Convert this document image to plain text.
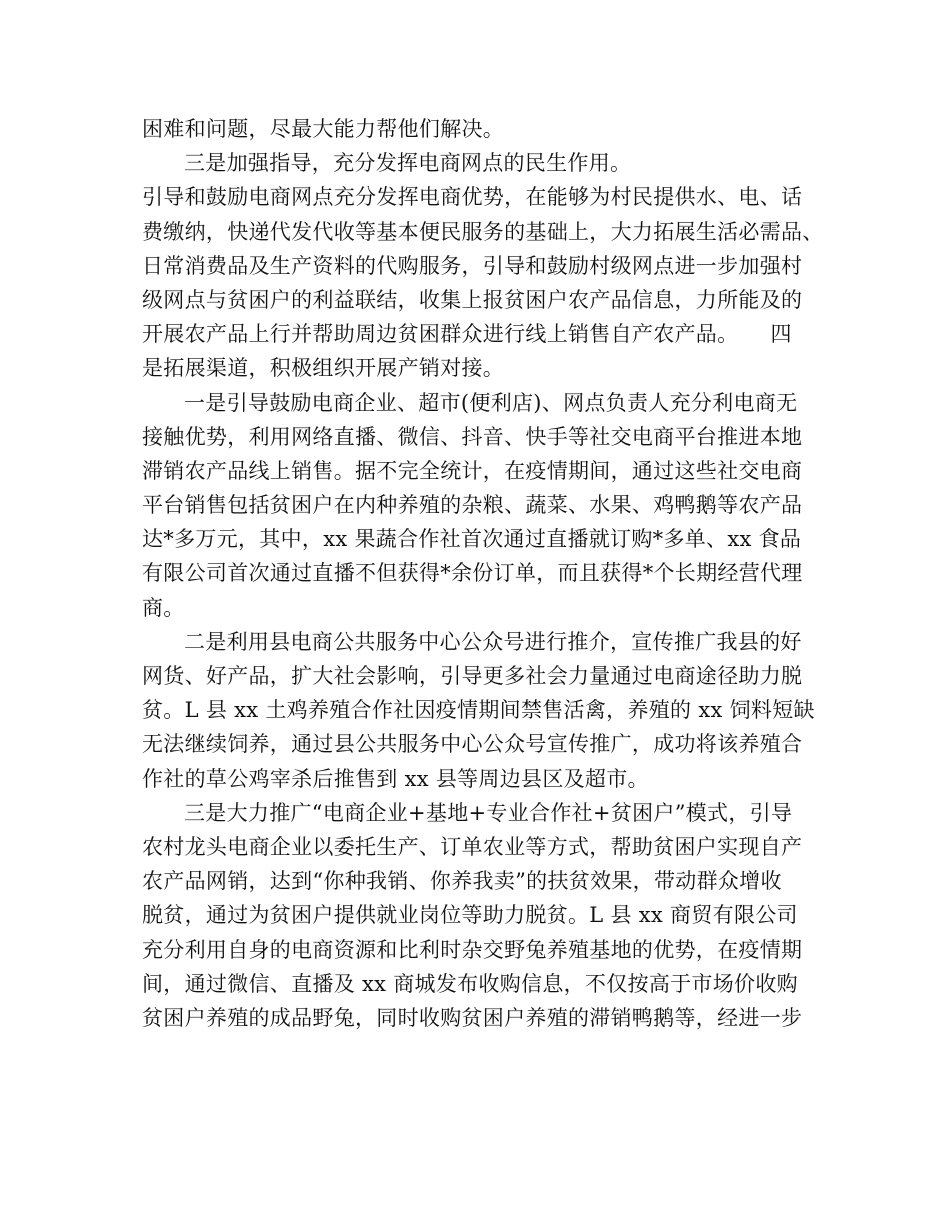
困难和问题，尽最大能力帮他们解决。
三是加强指导，充分发挥电商网点的民生作用。
引导和鼓励电商网点充分发挥电商优势，在能够为村民提供水、电、话
费缴纳，快递代发代收等基本便民服务的基础上，大力拓展生活必需品、
日常消费品及生产资料的代购服务，引导和鼓励村级网点进一步加强村
级网点与贫困户的利益联结，收集上报贫困户农产品信息，力所能及的
开展农产品上行并帮助周边贫困群众进行线上销售自产农产品。　　四
是拓展渠道，积极组织开展产销对接。
一是引导鼓励电商企业、超市(便利店)、网点负责人充分利电商无
接触优势，利用网络直播、微信、抖音、快手等社交电商平台推进本地
滞销农产品线上销售。据不完全统计，在疫情期间，通过这些社交电商
平台销售包括贫困户在内种养殖的杂粮、蔬菜、水果、鸡鸭鹅等农产品
达*多万元，其中，xx 果蔬合作社首次通过直播就订购*多单、xx 食品
有限公司首次通过直播不但获得*余份订单，而且获得*个长期经营代理
商。
二是利用县电商公共服务中心公众号进行推介，宣传推广我县的好
网货、好产品，扩大社会影响，引导更多社会力量通过电商途径助力脱
贫。L 县 xx 土鸡养殖合作社因疫情期间禁售活禽，养殖的 xx 饲料短缺
无法继续饲养，通过县公共服务中心公众号宣传推广，成功将该养殖合
作社的草公鸡宰杀后推售到 xx 县等周边县区及超市。
三是大力推广“电商企业+基地+专业合作社+贫困户”模式，引导
农村龙头电商企业以委托生产、订单农业等方式，帮助贫困户实现自产
农产品网销，达到“你种我销、你养我卖”的扶贫效果，带动群众增收
脱贫，通过为贫困户提供就业岗位等助力脱贫。L 县 xx 商贸有限公司
充分利用自身的电商资源和比利时杂交野兔养殖基地的优势，在疫情期
间，通过微信、直播及 xx 商城发布收购信息，不仅按高于市场价收购
贫困户养殖的成品野兔，同时收购贫困户养殖的滞销鸭鹅等，经进一步
